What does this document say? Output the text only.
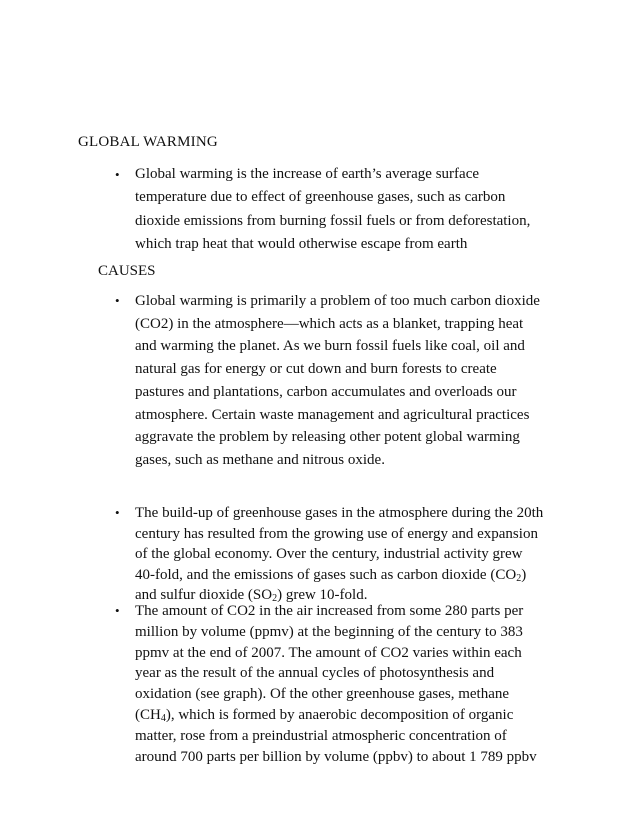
GLOBAL WARMING
• Global warming is the increase of earth’s average surface
temperature due to effect of greenhouse gases, such as carbon
dioxide emissions from burning fossil fuels or from deforestation,
which trap heat that would otherwise escape from earth
CAUSES
• Global warming is primarily a problem of too much carbon dioxide
(CO2) in the atmosphere—which acts as a blanket, trapping heat
and warming the planet. As we burn fossil fuels like coal, oil and
natural gas for energy or cut down and burn forests to create
pastures and plantations, carbon accumulates and overloads our
atmosphere. Certain waste management and agricultural practices
aggravate the problem by releasing other potent global warming
gases, such as methane and nitrous oxide.
• The build-up of greenhouse gases in the atmosphere during the 20th
century has resulted from the growing use of energy and expansion
of the global economy. Over the century, industrial activity grew
40-fold, and the emissions of gases such as carbon dioxide $(CO_2)$
and sulfur dioxide $(SO_2)$ grew 10-fold.
• The amount of CO2 in the air increased from some 280 parts per
million by volume (ppmv) at the beginning of the century to 383
ppmv at the end of 2007. The amount of CO2 varies within each
year as the result of the annual cycles of photosynthesis and
oxidation (see graph). Of the other greenhouse gases, methane
$(CH_4)$, which is formed by anaerobic decomposition of organic
matter, rose from a preindustrial atmospheric concentration of
around 700 parts per billion by volume (ppbv) to about 1 789 ppbv
